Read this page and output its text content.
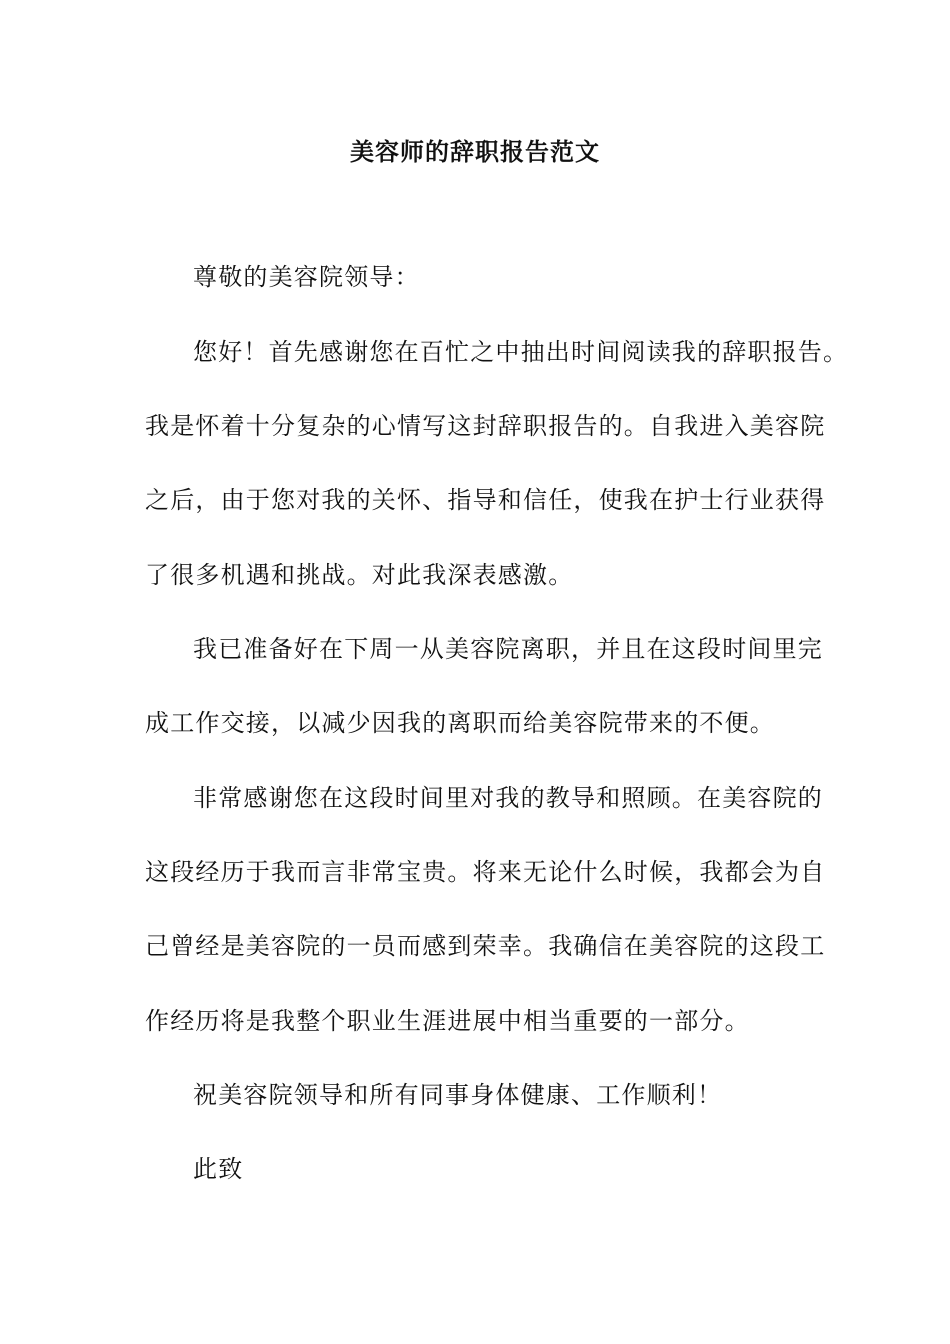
美容师的辞职报告范文
尊敬的美容院领导：
您好！首先感谢您在百忙之中抽出时间阅读我的辞职报告。
我是怀着十分复杂的心情写这封辞职报告的。自我进入美容院
之后，由于您对我的关怀、指导和信任，使我在护士行业获得
了很多机遇和挑战。对此我深表感激。
我已准备好在下周一从美容院离职，并且在这段时间里完
成工作交接，以减少因我的离职而给美容院带来的不便。
非常感谢您在这段时间里对我的教导和照顾。在美容院的
这段经历于我而言非常宝贵。将来无论什么时候，我都会为自
己曾经是美容院的一员而感到荣幸。我确信在美容院的这段工
作经历将是我整个职业生涯进展中相当重要的一部分。
祝美容院领导和所有同事身体健康、工作顺利！
此致
